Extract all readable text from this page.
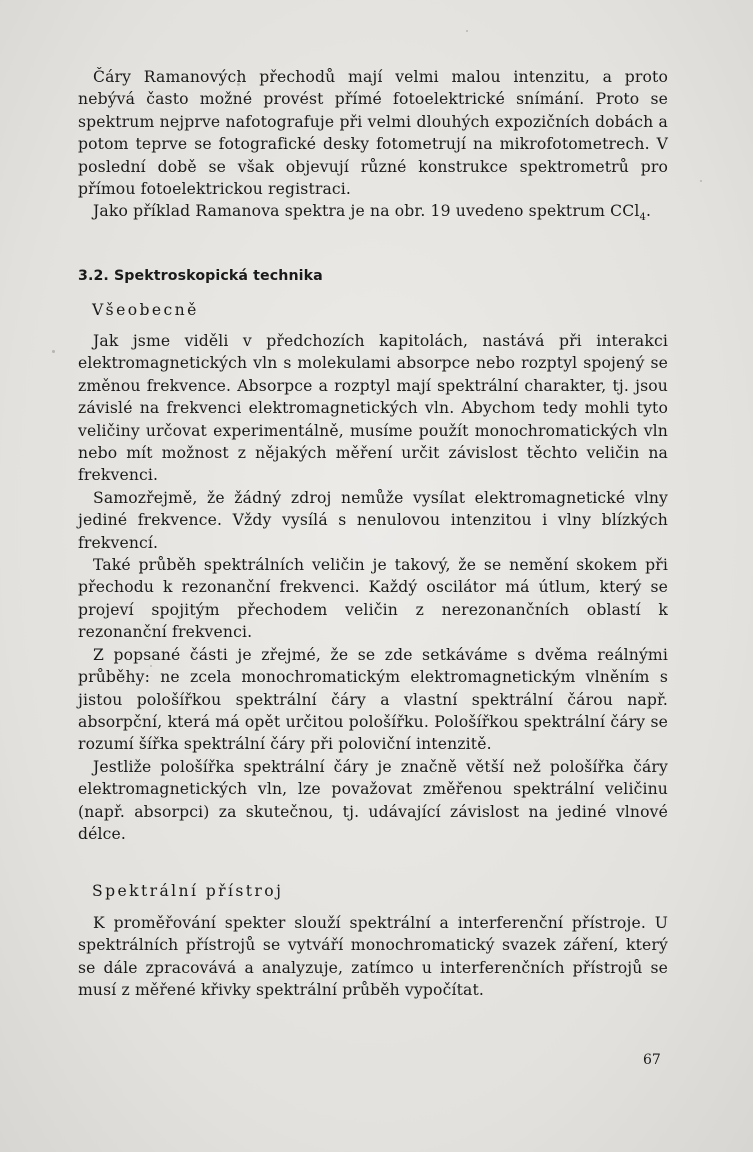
Čáry Ramanových přechodů mají velmi malou intenzitu, a proto nebývá často možné provést přímé fotoelektrické snímání. Proto se spektrum nejprve nafotografuje při velmi dlouhých expozičních dobách a potom teprve se fotografické desky fotometrují na mikrofotometrech. V poslední době se však objevují různé konstrukce spektrometrů pro přímou fotoelektrickou registraci.

Jako příklad Ramanova spektra je na obr. 19 uvedeno spektrum CCl$_4$.

3.2. Spektroskopická technika
Všeobecně

Jak jsme viděli v předchozích kapitolách, nastává při interakci elektromagnetických vln s molekulami absorpce nebo rozptyl spojený se změnou frekvence. Absorpce a rozptyl mají spektrální charakter, tj. jsou závislé na frekvenci elektromagnetických vln. Abychom tedy mohli tyto veličiny určovat experimentálně, musíme použít monochromatických vln nebo mít možnost z nějakých měření určit závislost těchto veličin na frekvenci.

Samozřejmě, že žádný zdroj nemůže vysílat elektromagnetické vlny jediné frekvence. Vždy vysílá s nenulovou intenzitou i vlny blízkých frekvencí.

Také průběh spektrálních veličin je takový, že se nemění skokem při přechodu k rezonanční frekvenci. Každý oscilátor má útlum, který se projeví spojitým přechodem veličin z nerezonančních oblastí k rezonanční frekvenci.

Z popsané části je zřejmé, že se zde setkáváme s dvěma reálnými průběhy: ne zcela monochromatickým elektromagnetickým vlněním s jistou pološířkou spektrální čáry a vlastní spektrální čárou např. absorpční, která má opět určitou pološířku. Pološířkou spektrální čáry se rozumí šířka spektrální čáry při poloviční intenzitě.

Jestliže pološířka spektrální čáry je značně větší než pološířka čáry elektromagnetických vln, lze považovat změřenou spektrální veličinu (např. absorpci) za skutečnou, tj. udávající závislost na jediné vlnové délce.

Spektrální přístroj

K proměřování spekter slouží spektrální a interferenční přístroje. U spektrálních přístrojů se vytváří monochromatický svazek záření, který se dále zpracovává a analyzuje, zatímco u interferenčních přístrojů se musí z měřené křivky spektrální průběh vypočítat.

67
